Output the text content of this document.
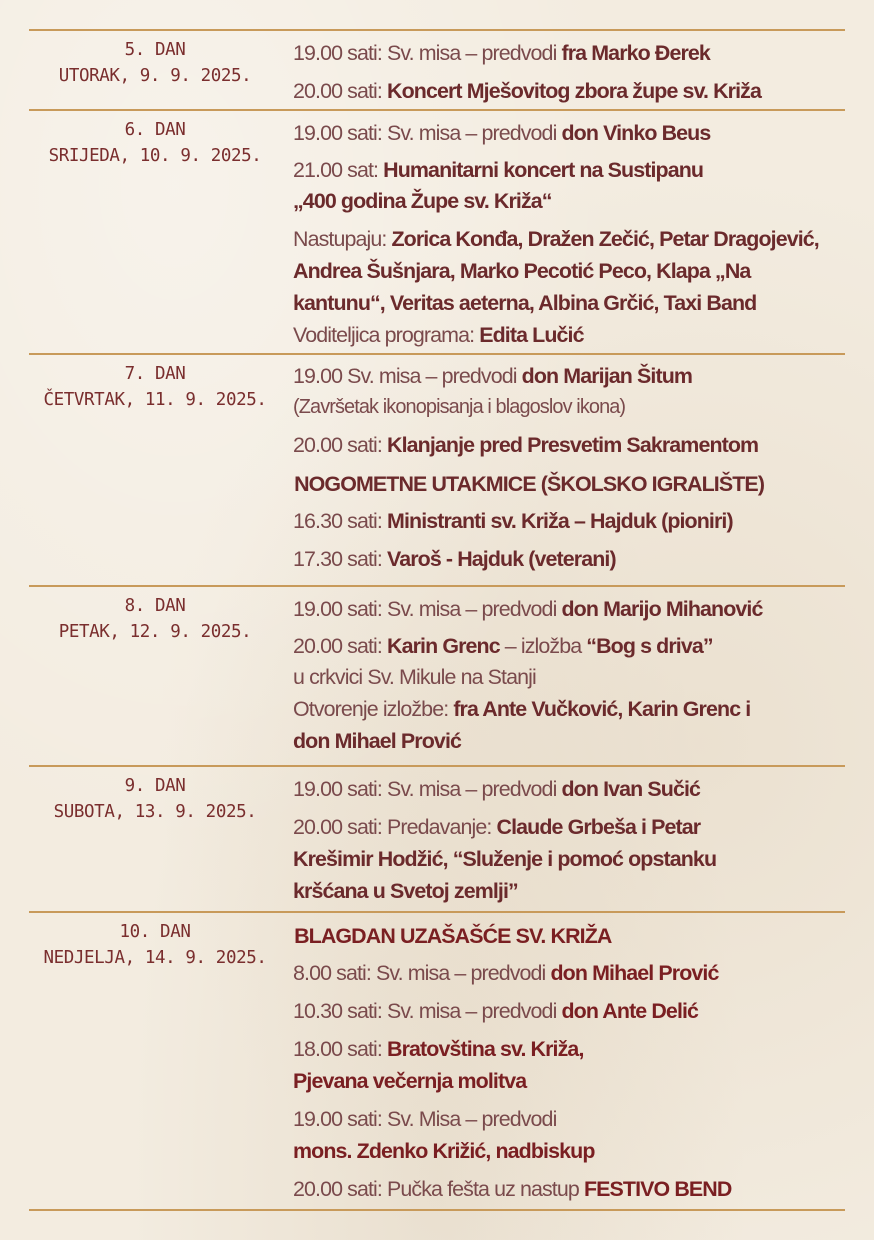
5. DAN
UTORAK, 9. 9. 2025.
19.00 sati: Sv. misa – predvodi fra Marko Đerek
20.00 sati: Koncert Mješovitog zbora župe sv. Križa
6. DAN
SRIJEDA, 10. 9. 2025.
19.00 sati: Sv. misa – predvodi don Vinko Beus
21.00 sat: Humanitarni koncert na Sustipanu
„400 godina Župe sv. Križa“
Nastupaju: Zorica Konđa, Dražen Zečić, Petar Dragojević,
Andrea Šušnjara, Marko Pecotić Peco, Klapa „Na
kantunu“, Veritas aeterna, Albina Grčić, Taxi Band
Voditeljica programa: Edita Lučić
7. DAN
ČETVRTAK, 11. 9. 2025.
19.00 Sv. misa – predvodi don Marijan Šitum
(Završetak ikonopisanja i blagoslov ikona)
20.00 sati: Klanjanje pred Presvetim Sakramentom
NOGOMETNE UTAKMICE (ŠKOLSKO IGRALIŠTE)
16.30 sati: Ministranti sv. Križa – Hajduk (pioniri)
17.30 sati: Varoš - Hajduk (veterani)
8. DAN
PETAK, 12. 9. 2025.
19.00 sati: Sv. misa – predvodi don Marijo Mihanović
20.00 sati: Karin Grenc – izložba “Bog s driva”
u crkvici Sv. Mikule na Stanji
Otvorenje izložbe: fra Ante Vučković, Karin Grenc i
don Mihael Prović
9. DAN
SUBOTA, 13. 9. 2025.
19.00 sati: Sv. misa – predvodi don Ivan Sučić
20.00 sati: Predavanje: Claude Grbeša i Petar
Krešimir Hodžić, “Služenje i pomoć opstanku
kršćana u Svetoj zemlji”
10. DAN
NEDJELJA, 14. 9. 2025.
BLAGDAN UZAŠAŠĆE SV. KRIŽA
8.00 sati: Sv. misa – predvodi don Mihael Prović
10.30 sati: Sv. misa – predvodi don Ante Delić
18.00 sati: Bratovština sv. Križa,
Pjevana večernja molitva
19.00 sati: Sv. Misa – predvodi
mons. Zdenko Križić, nadbiskup
20.00 sati: Pučka fešta uz nastup FESTIVO BEND
